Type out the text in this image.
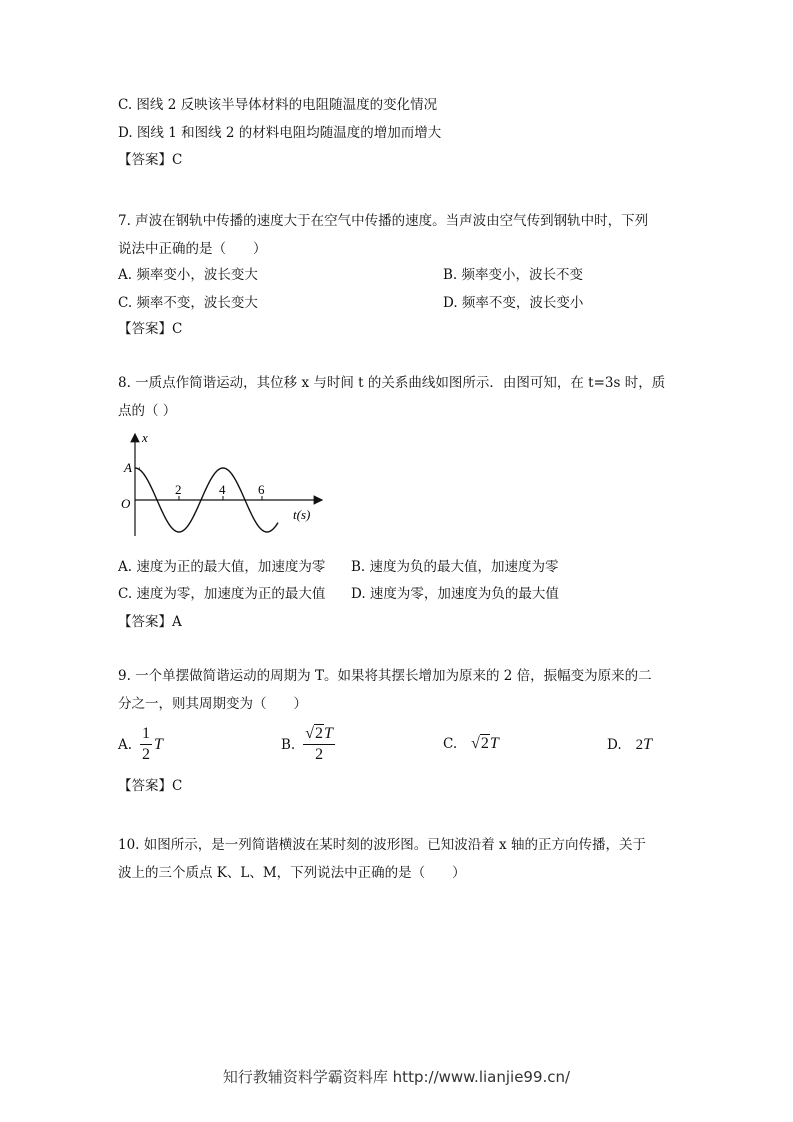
C. 图线 2 反映该半导体材料的电阻随温度的变化情况
D. 图线 1 和图线 2 的材料电阻均随温度的增加而增大
【答案】C
7. 声波在钢轨中传播的速度大于在空气中传播的速度。当声波由空气传到钢轨中时，下列
说法中正确的是（　　）
A. 频率变小，波长变大	B. 频率变小，波长不变
C. 频率不变，波长变大	D. 频率不变，波长变小
【答案】C
8. 一质点作简谐运动，其位移 x 与时间 t 的关系曲线如图所示．由图可知，在 t=3s 时，质
点的（ ）
x
A
O
2	4	6
t(s)
A. 速度为正的最大值，加速度为零 B. 速度为负的最大值，加速度为零
C. 速度为零，加速度为正的最大值 D. 速度为零，加速度为负的最大值
【答案】A
9. 一个单摆做简谐运动的周期为 T。如果将其摆长增加为原来的 2 倍，振幅变为原来的二
分之一，则其周期变为（　　）
A. $\frac{1}{2}$ T	B. $\frac{√2T}{2}$	C. √2 T	D. 2 T
【答案】C
10. 如图所示，是一列简谐横波在某时刻的波形图。已知波沿着 x 轴的正方向传播，关于
波上的三个质点 K、L、M，下列说法中正确的是（　　）
知行教辅资料学霸资料库 http://www.lianjie99.cn/
